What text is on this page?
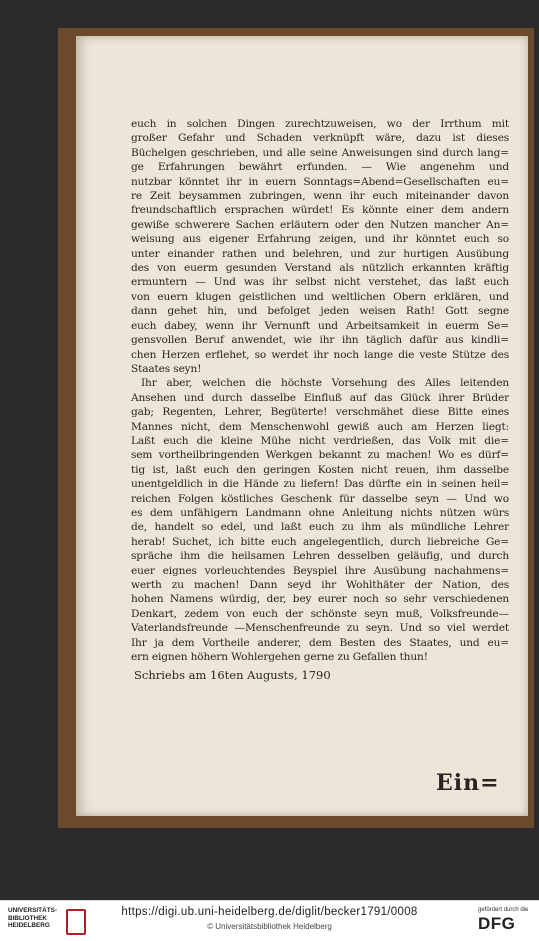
euch in solchen Dingen zurechtzuweisen, wo der Irrthum mit
großer Gefahr und Schaden verknüpft wäre, dazu ist dieses
Büchelgen geschrieben, und alle seine Anweisungen sind durch lang=
ge Erfahrungen bewährt erfunden. — Wie angenehm und
nutzbar könntet ihr in euern Sonntags=Abend=Gesellschaften eu=
re Zeit beysammen zubringen, wenn ihr euch miteinander davon
freundschaftlich ersprachen würdet! Es könnte einer dem andern
gewiße schwerere Sachen erläutern oder den Nutzen mancher An=
weisung aus eigener Erfahrung zeigen, und ihr könntet euch so
unter einander rathen und belehren, und zur hurtigen Ausübung
des von euerm gesunden Verstand als nützlich erkannten kräftig
ermuntern — Und was ihr selbst nicht verstehet, das laßt euch
von euern klugen geistlichen und weltlichen Obern erklären, und
dann gehet hin, und befolget jeden weisen Rath! Gott segne
euch dabey, wenn ihr Vernunft und Arbeitsamkeit in euerm Se=
gensvollen Beruf anwendet, wie ihr ihn täglich dafür aus kindli=
chen Herzen erflehet, so werdet ihr noch lange die veste Stütze des
Staates seyn!
Ihr aber, welchen die höchste Vorsehung des Alles leitenden
Ansehen und durch dasselbe Einfluß auf das Glück ihrer Brüder
gab; Regenten, Lehrer, Begüterte! verschmähet diese Bitte eines
Mannes nicht, dem Menschenwohl gewiß auch am Herzen liegt:
Laßt euch die kleine Mühe nicht verdrießen, das Volk mit die=
sem vortheilbringenden Werkgen bekannt zu machen! Wo es dürf=
tig ist, laßt euch den geringen Kosten nicht reuen, ihm dasselbe
unentgeldlich in die Hände zu liefern! Das dürfte ein in seinen heil=
reichen Folgen köstliches Geschenk für dasselbe seyn — Und wo
es dem unfähigern Landmann ohne Anleitung nichts nützen würs
de, handelt so edel, und laßt euch zu ihm als mündliche Lehrer
herab! Suchet, ich bitte euch angelegentlich, durch liebreiche Ge=
spräche ihm die heilsamen Lehren desselben geläufig, und durch
euer eignes vorleuchtendes Beyspiel ihre Ausübung nachahmens=
werth zu machen! Dann seyd ihr Wohlthäter der Nation, des
hohen Namens würdig, der, bey eurer noch so sehr verschiedenen
Denkart, zedem von euch der schönste seyn muß, Volksfreunde—
Vaterlandsfreunde —Menschenfreunde zu seyn. Und so viel werdet
Ihr ja dem Vortheile anderer, dem Besten des Staates, und eu=
ern eignen höhern Wohlergehen gerne zu Gefallen thun!
Schriebs am 16ten Augusts, 1790
Ein=
UNIVERSITÄTS-
BIBLIOTHEK
HEIDELBERG
https://digi.ub.uni-heidelberg.de/diglit/becker1791/0008
© Universitätsbibliothek Heidelberg
gefördert durch die
DFG
